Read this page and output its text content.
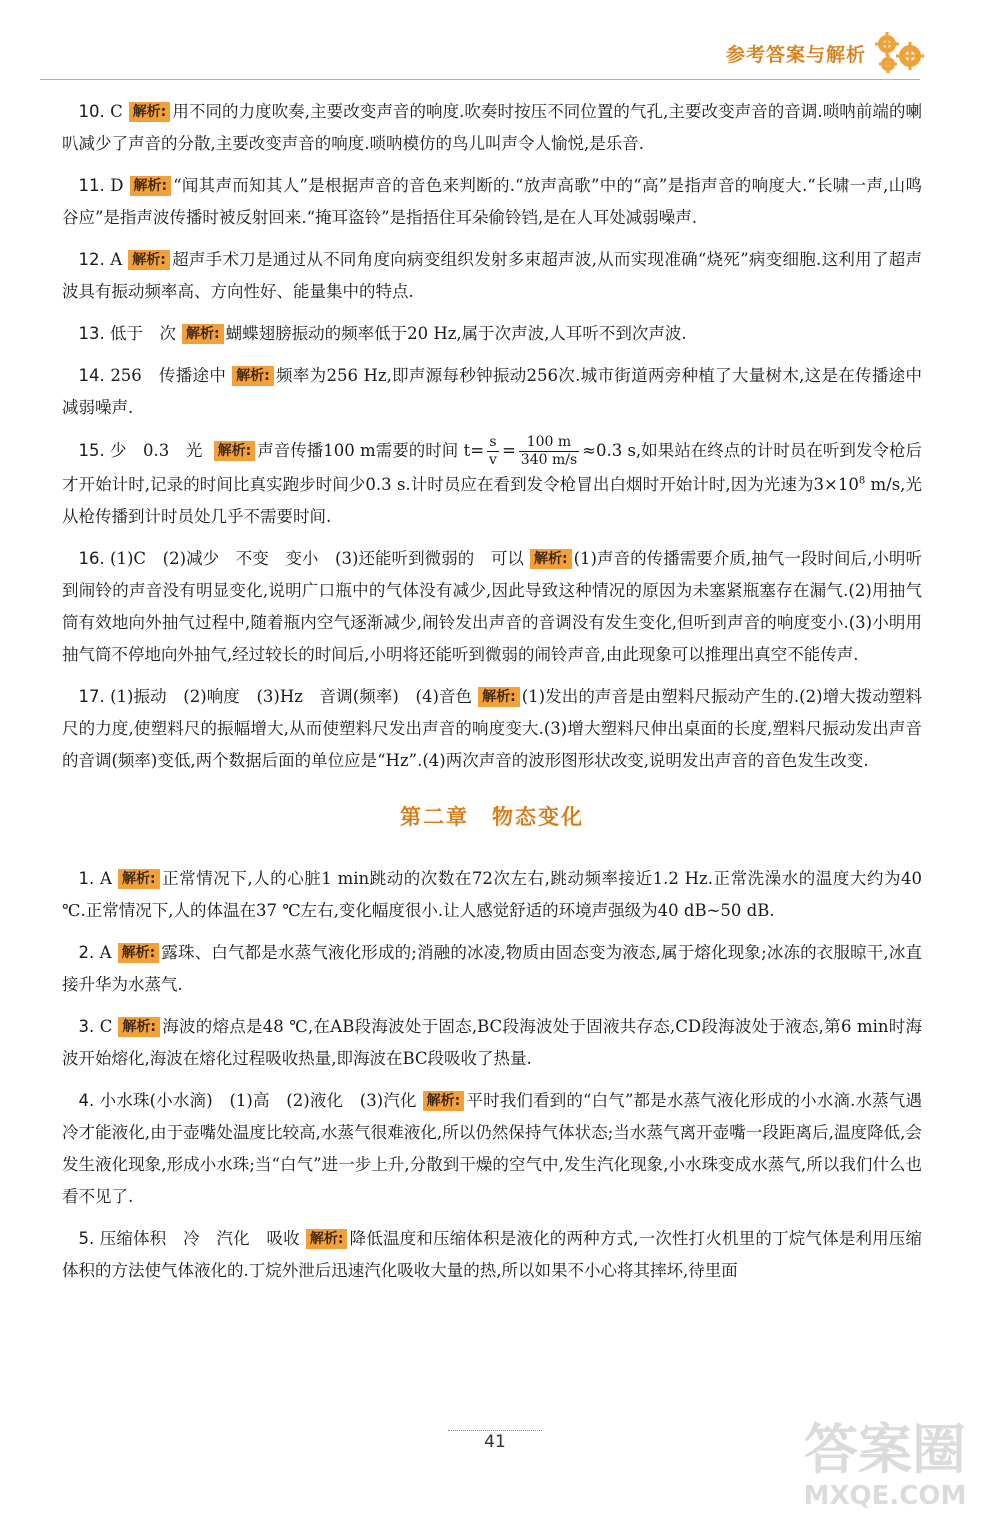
参考答案与解析

10. C 解析: 用不同的力度吹奏,主要改变声音的响度.吹奏时按压不同位置的气孔,主要改变声音的音调.唢呐前端的喇叭减少了声音的分散,主要改变声音的响度.唢呐模仿的鸟儿叫声令人愉悦,是乐音.

11. D 解析: “闻其声而知其人”是根据声音的音色来判断的.“放声高歌”中的“高”是指声音的响度大.“长啸一声,山鸣谷应”是指声波传播时被反射回来.“掩耳盗铃”是指捂住耳朵偷铃铛,是在人耳处减弱噪声.

12. A 解析: 超声手术刀是通过从不同角度向病变组织发射多束超声波,从而实现准确“烧死”病变细胞.这利用了超声波具有振动频率高、方向性好、能量集中的特点.

13. 低于　次 解析: 蝴蝶翅膀振动的频率低于20 Hz,属于次声波,人耳听不到次声波.

14. 256　传播途中 解析: 频率为256 Hz,即声源每秒钟振动256次.城市街道两旁种植了大量树木,这是在传播途中减弱噪声.

15. 少　0.3　光 解析: 声音传播100 m需要的时间 $t= \frac{s}{v} = \frac{100 m}{340 m/s} \approx 0.3$ s,如果站在终点的计时员在听到发令枪后才开始计时,记录的时间比真实跑步时间少0.3 s.计时员应在看到发令枪冒出白烟时开始计时,因为光速为$3\times 10^8$ m/s,光从枪传播到计时员处几乎不需要时间.

16. (1)C　(2)减少　不变　变小　(3)还能听到微弱的　可以 解析: (1)声音的传播需要介质,抽气一段时间后,小明听到闹铃的声音没有明显变化,说明广口瓶中的气体没有减少,因此导致这种情况的原因为未塞紧瓶塞存在漏气.(2)用抽气筒有效地向外抽气过程中,随着瓶内空气逐渐减少,闹铃发出声音的音调没有发生变化,但听到声音的响度变小.(3)小明用抽气筒不停地向外抽气,经过较长的时间后,小明将还能听到微弱的闹铃声音,由此现象可以推理出真空不能传声.

17. (1)振动　(2)响度　(3)Hz　音调(频率)　(4)音色 解析: (1)发出的声音是由塑料尺振动产生的.(2)增大拨动塑料尺的力度,使塑料尺的振幅增大,从而使塑料尺发出声音的响度变大.(3)增大塑料尺伸出桌面的长度,塑料尺振动发出声音的音调(频率)变低,两个数据后面的单位应是“Hz”.(4)两次声音的波形图形状改变,说明发出声音的音色发生改变.

第二章　物态变化

1. A 解析: 正常情况下,人的心脏1 min跳动的次数在72次左右,跳动频率接近1.2 Hz.正常洗澡水的温度大约为40 ℃.正常情况下,人的体温在37 ℃左右,变化幅度很小.让人感觉舒适的环境声强级为40 dB~50 dB.

2. A 解析: 露珠、白气都是水蒸气液化形成的;消融的冰凌,物质由固态变为液态,属于熔化现象;冰冻的衣服晾干,冰直接升华为水蒸气.

3. C 解析: 海波的熔点是48 ℃,在AB段海波处于固态,BC段海波处于固液共存态,CD段海波处于液态,第6 min时海波开始熔化,海波在熔化过程吸收热量,即海波在BC段吸收了热量.

4. 小水珠(小水滴)　(1)高　(2)液化　(3)汽化 解析: 平时我们看到的“白气”都是水蒸气液化形成的小水滴.水蒸气遇冷才能液化,由于壶嘴处温度比较高,水蒸气很难液化,所以仍然保持气体状态;当水蒸气离开壶嘴一段距离后,温度降低,会发生液化现象,形成小水珠;当“白气”进一步上升,分散到干燥的空气中,发生汽化现象,小水珠变成水蒸气,所以我们什么也看不见了.

5. 压缩体积　冷　汽化　吸收 解析: 降低温度和压缩体积是液化的两种方式,一次性打火机里的丁烷气体是利用压缩体积的方法使气体液化的.丁烷外泄后迅速汽化吸收大量的热,所以如果不小心将其摔坏,待里面

41	答案圈
MXQE.COM
